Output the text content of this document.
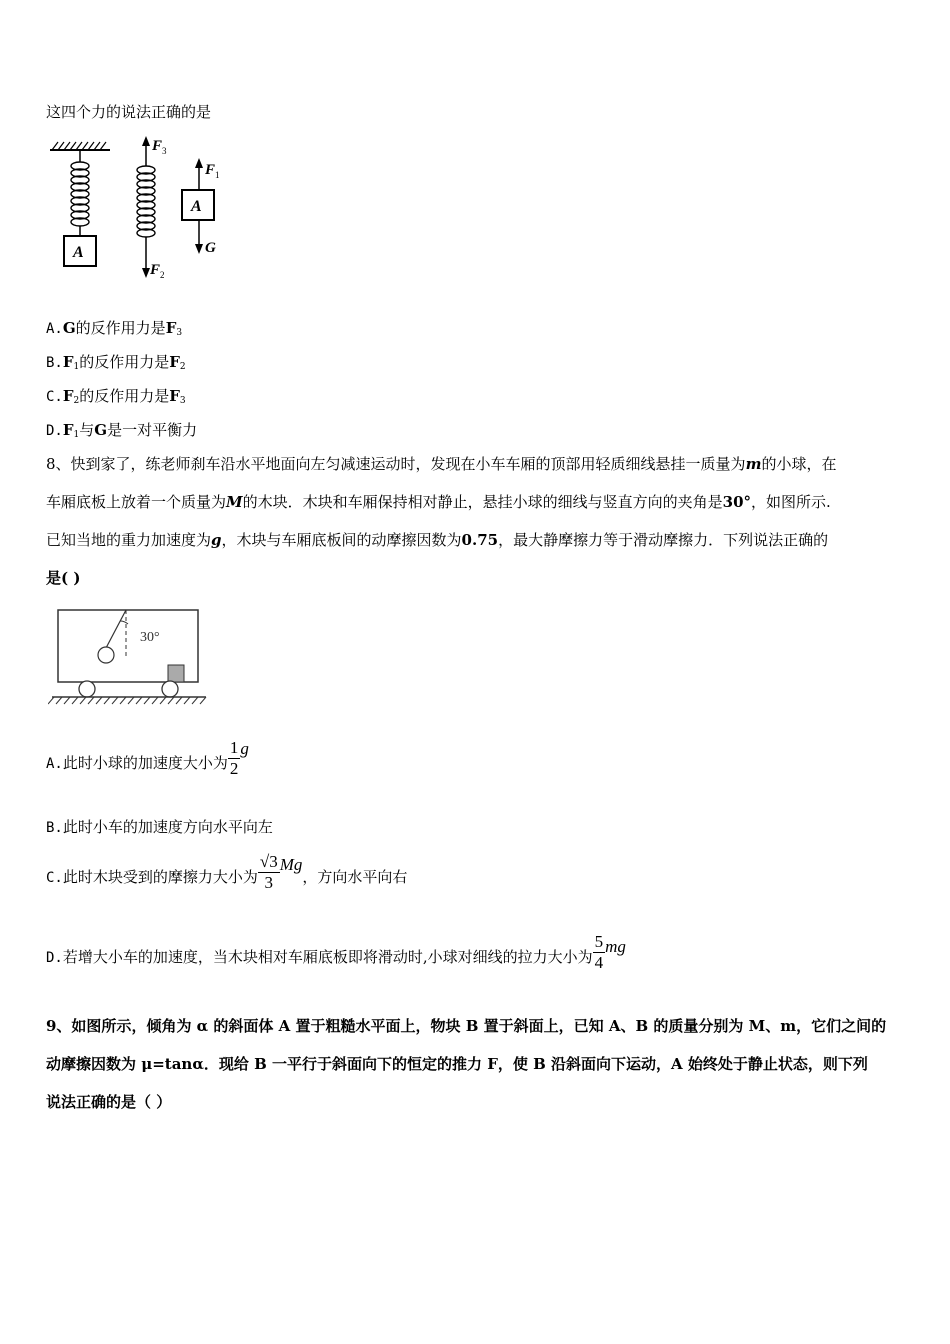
这四个力的说法正确的是
A
F 3
F 2
F 1
A
G
A.G的反作用力是$F_3$
$B.F_1$的反作用力是$F_2$
$C.F_2$的反作用力是$F_3$
$D.F_1$与G是一对平衡力
8、快到家了，练老师刹车沿水平地面向左匀减速运动时，发现在小车车厢的顶部用轻质细线悬挂一质量为m的小球，在
车厢底板上放着一个质量为M的木块．木块和车厢保持相对静止，悬挂小球的细线与竖直方向的夹角是30°，如图所示.
已知当地的重力加速度为g，木块与车厢底板间的动摩擦因数为0.75，最大静摩擦力等于滑动摩擦力．下列说法正确的
是( )
30°
A.此时小球的加速度大小为 $\frac{1}{2}$ g
B.此时小车的加速度方向水平向左
C.此时木块受到的摩擦力大小为 $\frac{√3}{3}$ Mg，方向水平向右
D.若增大小车的加速度，当木块相对车厢底板即将滑动时,小球对细线的拉力大小为 $\frac{5}{4}$ mg
9、如图所示，倾角为 α 的斜面体 A 置于粗糙水平面上，物块 B 置于斜面上，已知 A、B 的质量分别为 M、m，它们之间的
动摩擦因数为 μ=tanα．现给 B 一平行于斜面向下的恒定的推力 F，使 B 沿斜面向下运动，A 始终处于静止状态，则下列
说法正确的是（ ）
